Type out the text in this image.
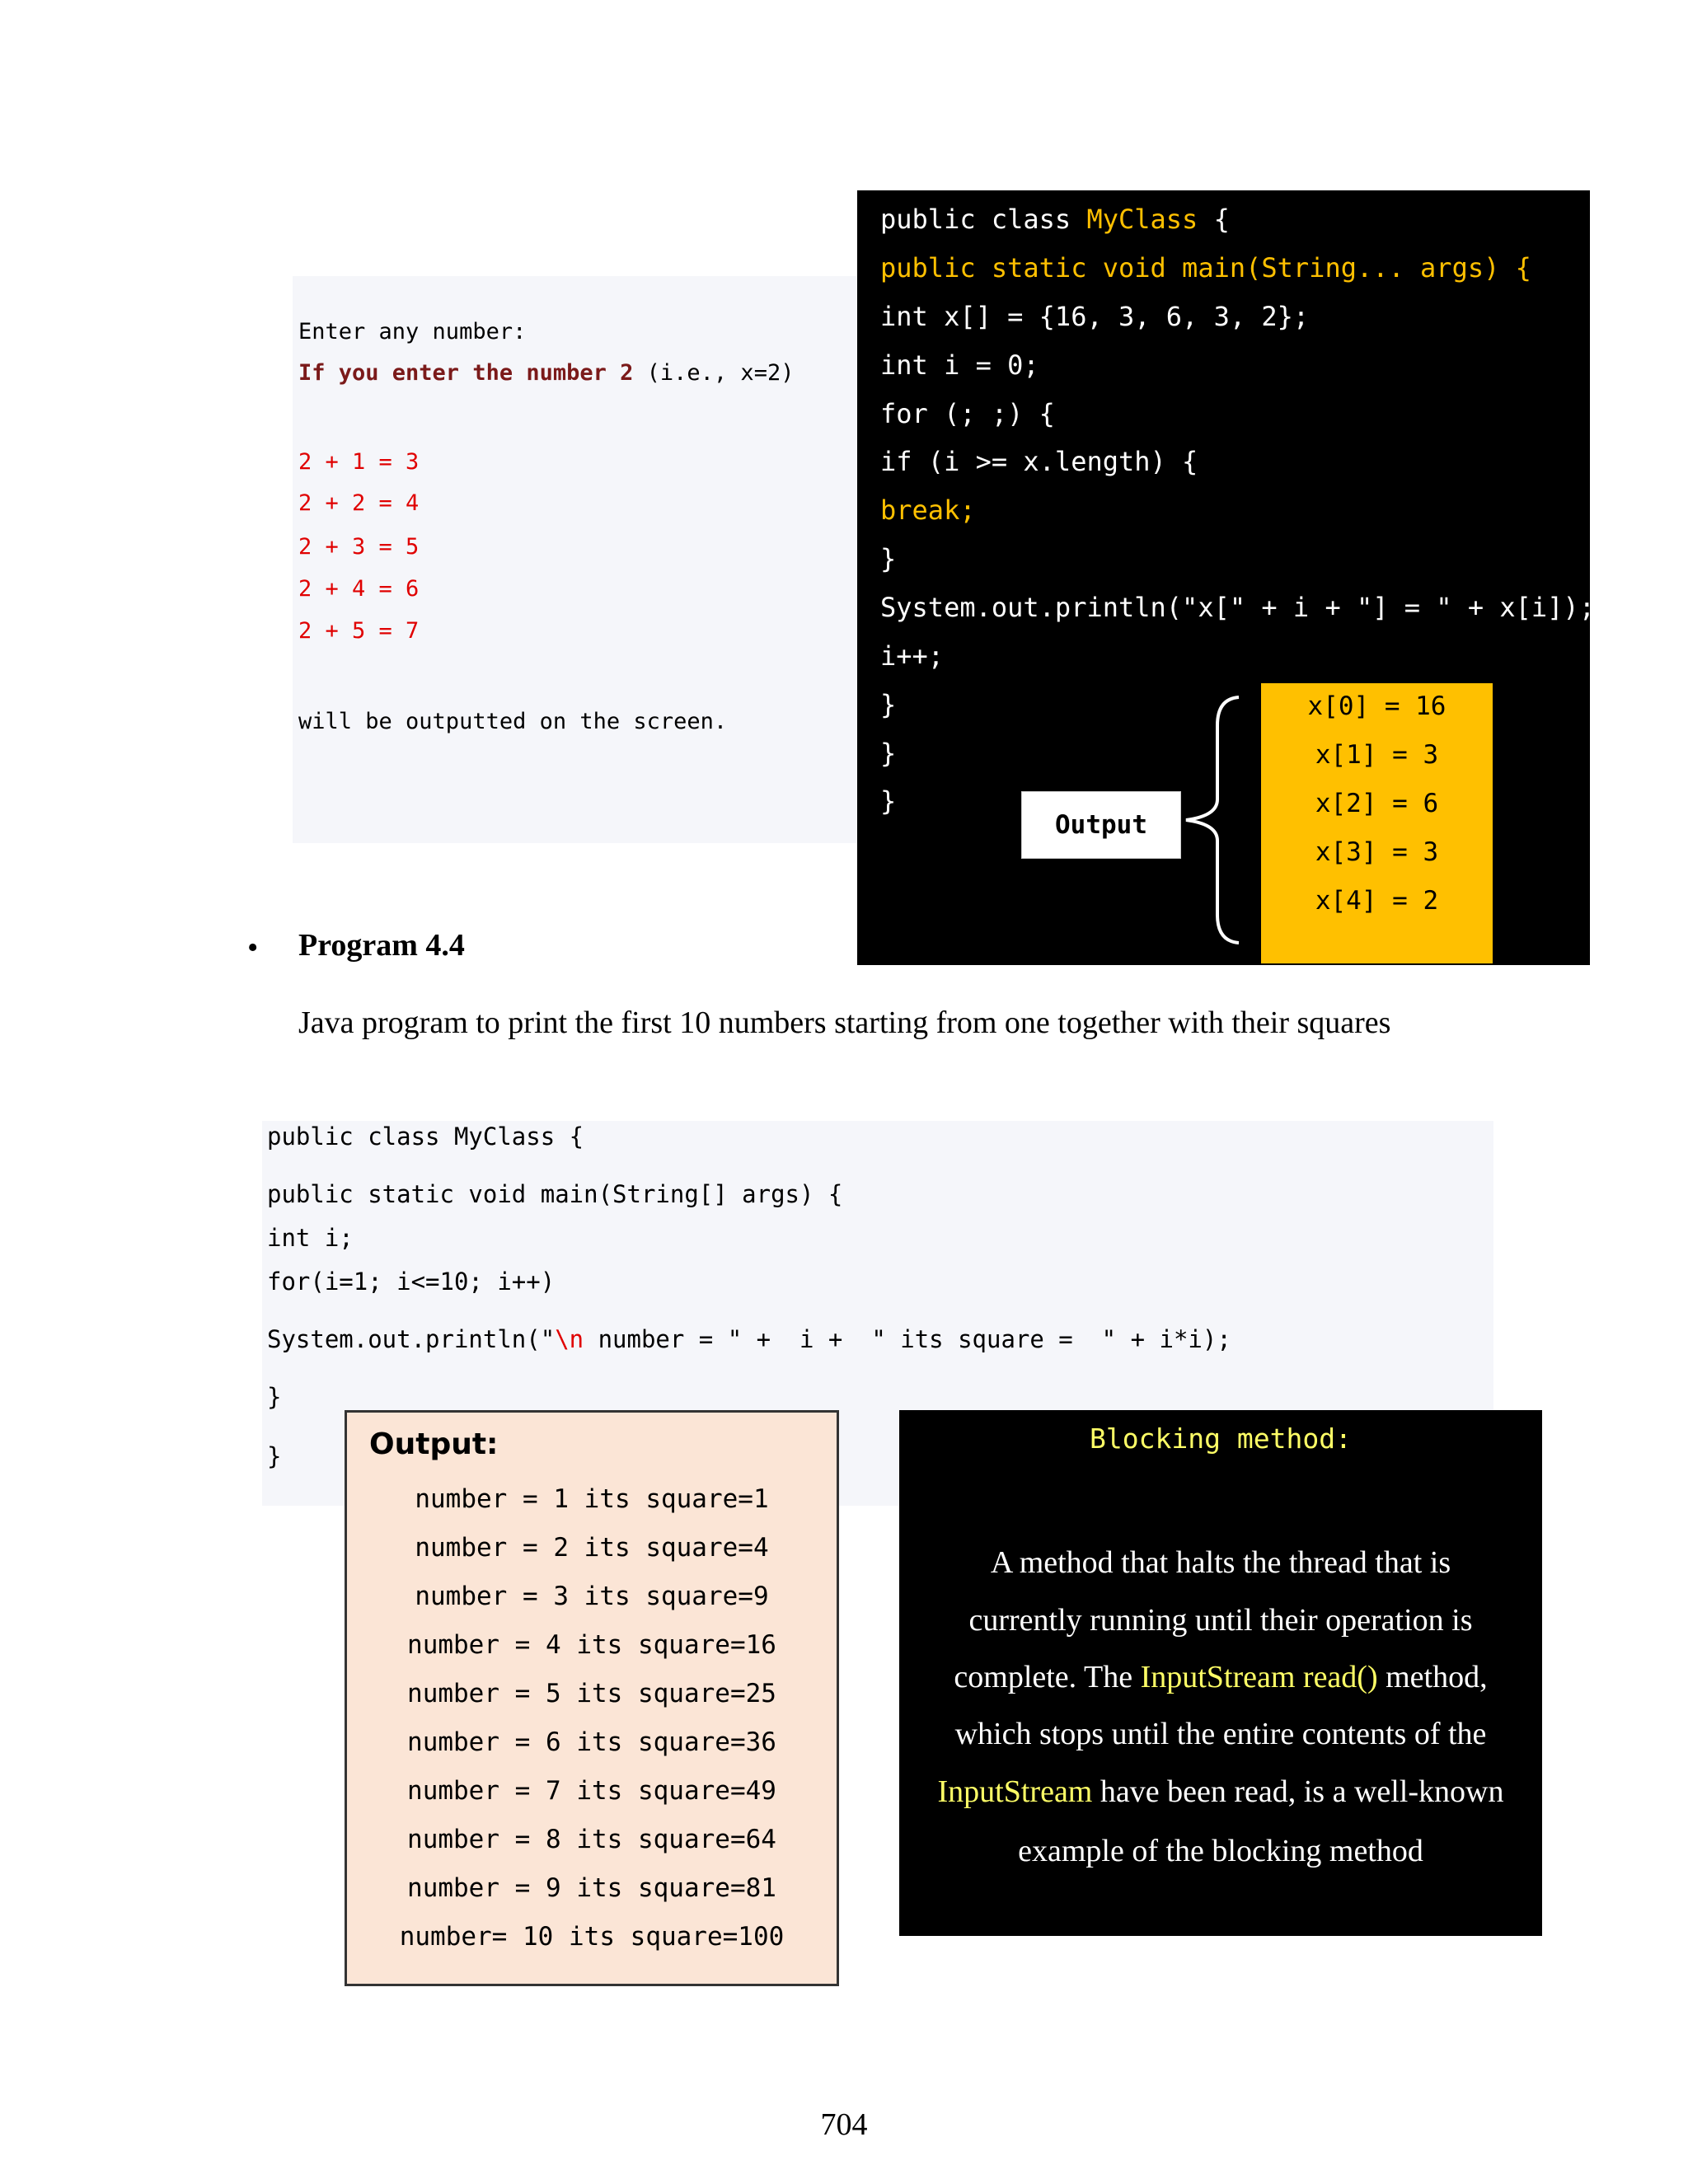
Enter any number:
If you enter the number 2 (i.e., x=2)
2 + 1 = 3
2 + 2 = 4
2 + 3 = 5
2 + 4 = 6
2 + 5 = 7
will be outputted on the screen.
public class MyClass {
public static void main(String... args) {
int x[] = {16, 3, 6, 3, 2};
int i = 0;
for (; ;) {
if (i >= x.length) {
break;
}
System.out.println("x[" + i + "] = " + x[i]);
i++;
}
}
}
Output
x[0] = 16
x[1] = 3
x[2] = 6
x[3] = 3
x[4] = 2
• Program 4.4
Java program to print the first 10 numbers starting from one together with their squares
public class MyClass {
public static void main(String[] args) {
int i;
for(i=1; i<=10; i++)
System.out.println("\n number = " +  i +  " its square =  " + i*i);
}
}	Output:
number = 1 its square=1
number = 2 its square=4
number = 3 its square=9
number = 4 its square=16
number = 5 its square=25
number = 6 its square=36
number = 7 its square=49
number = 8 its square=64
number = 9 its square=81
number= 10 its square=100
Blocking method:
A method that halts the thread that is
currently running until their operation is
complete. The InputStream read() method,
which stops until the entire contents of the
InputStream have been read, is a well-known
example of the blocking method
704
